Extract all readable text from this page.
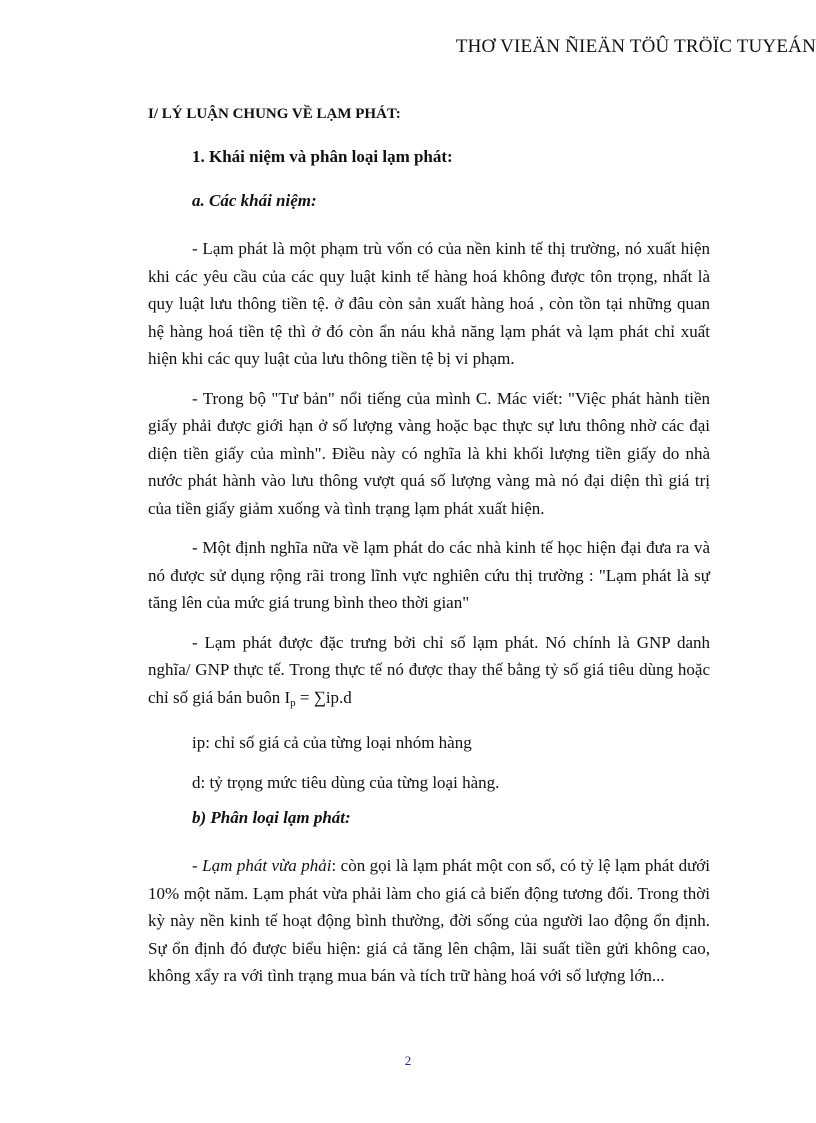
THƠ VIEÄN ÑIEÄN TÖÛ TRÖÏC TUYEÁN
I/ LÝ LUẬN CHUNG VỀ LẠM PHÁT:
1. Khái niệm và phân loại lạm phát:
a. Các khái niệm:

- Lạm phát là một phạm trù vốn có của nền kinh tế thị trường, nó xuất hiện khi các yêu cầu của các quy luật kinh tế hàng hoá không được tôn trọng, nhất là quy luật lưu thông tiền tệ. ở đâu còn sản xuất hàng hoá , còn tồn tại những quan hệ hàng hoá tiền tệ thì ở đó còn ẩn náu khả năng lạm phát và lạm phát chỉ xuất hiện khi các quy luật của lưu thông tiền tệ bị vi phạm.

- Trong bộ "Tư bản" nổi tiếng của mình C. Mác viết: "Việc phát hành tiền giấy phải được giới hạn ở số lượng vàng hoặc bạc thực sự lưu thông nhờ các đại diện tiền giấy của mình". Điều này có nghĩa là khi khối lượng tiền giấy do nhà nước phát hành vào lưu thông vượt quá số lượng vàng mà nó đại diện thì giá trị của tiền giấy giảm xuống và tình trạng lạm phát xuất hiện.

- Một định nghĩa nữa về lạm phát do các nhà kinh tế học hiện đại đưa ra và nó được sử dụng rộng rãi trong lĩnh vực nghiên cứu thị trường : "Lạm phát là sự tăng lên của mức giá trung bình theo thời gian"

- Lạm phát được đặc trưng bởi chỉ số lạm phát. Nó chính là GNP danh nghĩa/ GNP thực tế. Trong thực tế nó được thay thế bằng tỷ số giá tiêu dùng hoặc chỉ số giá bán buôn $I_p = \sum ip.d$

ip: chỉ số giá cả của từng loại nhóm hàng

d: tỷ trọng mức tiêu dùng của từng loại hàng.

b) Phân loại lạm phát:

- Lạm phát vừa phải: còn gọi là lạm phát một con số, có tỷ lệ lạm phát dưới 10% một năm. Lạm phát vừa phải làm cho giá cả biến động tương đối. Trong thời kỳ này nền kinh tế hoạt động bình thường, đời sống của người lao động ổn định. Sự ổn định đó được biểu hiện: giá cả tăng lên chậm, lãi suất tiền gửi không cao, không xẩy ra với tình trạng mua bán và tích trữ hàng hoá với số lượng lớn...

2
